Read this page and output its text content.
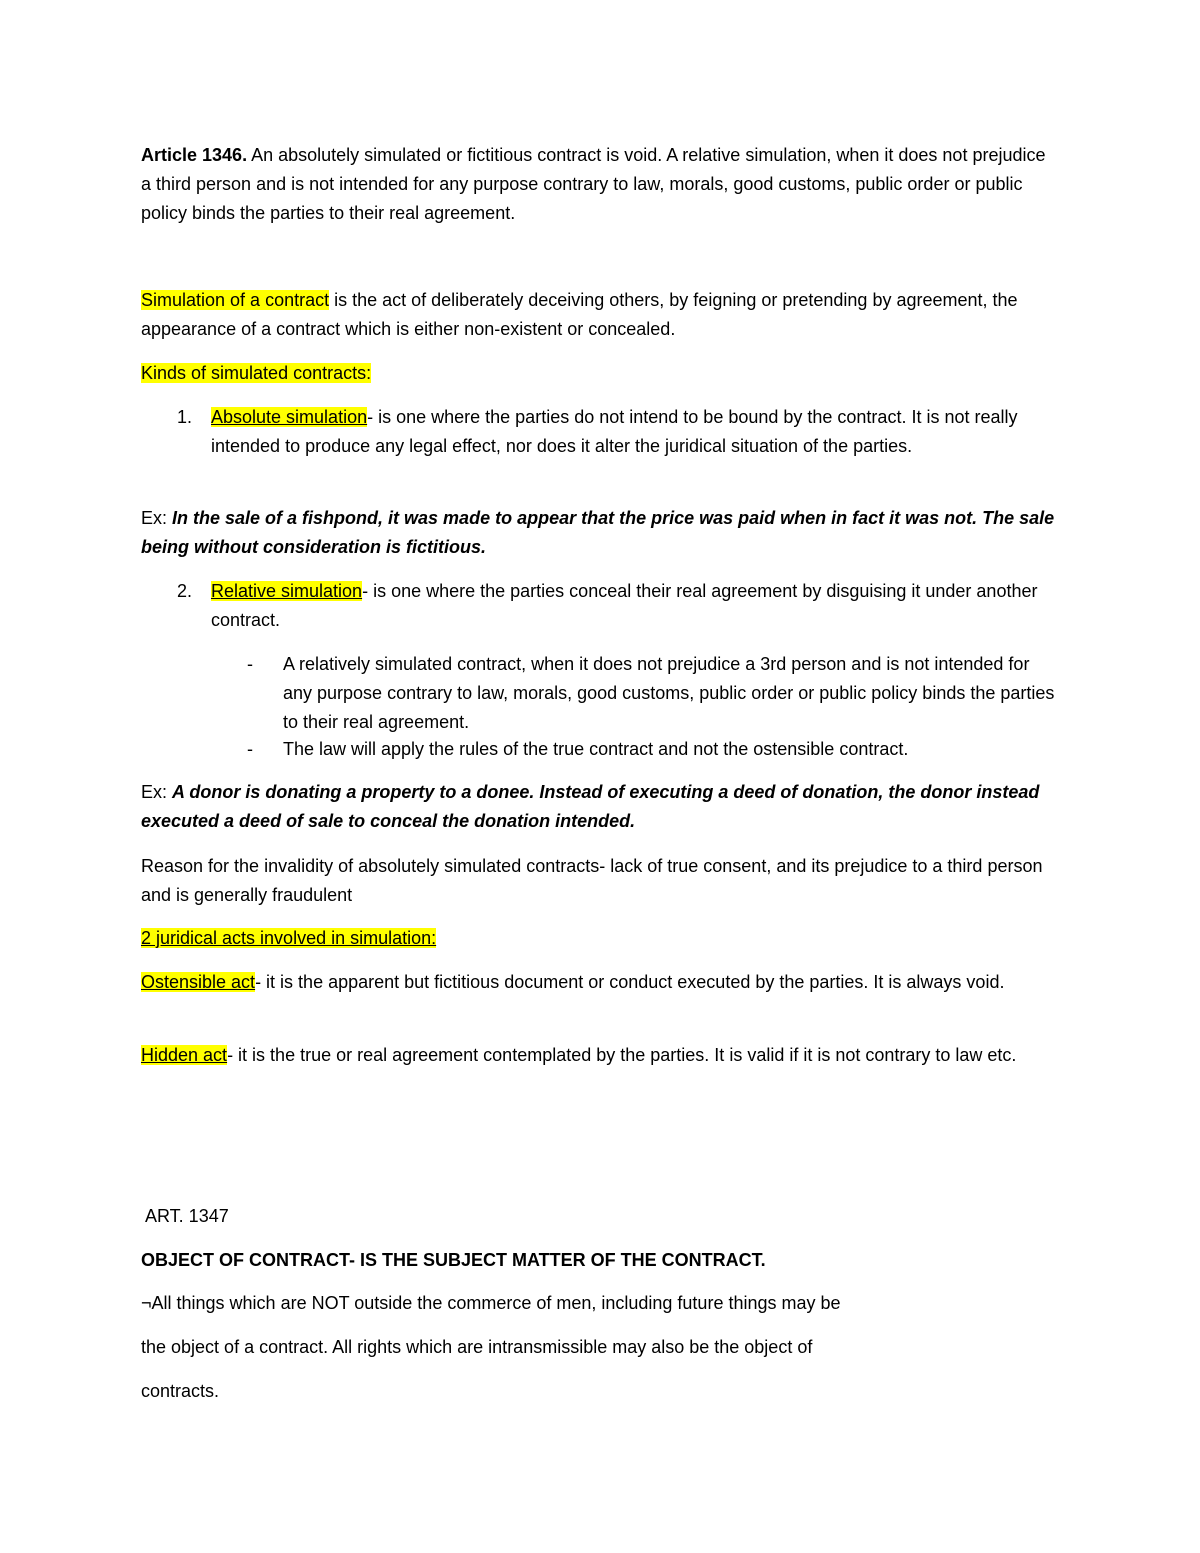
Article 1346. An absolutely simulated or fictitious contract is void. A relative simulation, when it does not prejudice a third person and is not intended for any purpose contrary to law, morals, good customs, public order or public policy binds the parties to their real agreement.

Simulation of a contract is the act of deliberately deceiving others, by feigning or pretending by agreement, the appearance of a contract which is either non-existent or concealed.

Kinds of simulated contracts:

1. Absolute simulation- is one where the parties do not intend to be bound by the contract. It is not really intended to produce any legal effect, nor does it alter the juridical situation of the parties.

Ex: In the sale of a fishpond, it was made to appear that the price was paid when in fact it was not. The sale being without consideration is fictitious.

2. Relative simulation- is one where the parties conceal their real agreement by disguising it under another contract.

- A relatively simulated contract, when it does not prejudice a 3rd person and is not intended for any purpose contrary to law, morals, good customs, public order or public policy binds the parties to their real agreement.

- The law will apply the rules of the true contract and not the ostensible contract.

Ex: A donor is donating a property to a donee. Instead of executing a deed of donation, the donor instead executed a deed of sale to conceal the donation intended.

Reason for the invalidity of absolutely simulated contracts- lack of true consent, and its prejudice to a third person and is generally fraudulent

2 juridical acts involved in simulation:

Ostensible act- it is the apparent but fictitious document or conduct executed by the parties. It is always void.

Hidden act- it is the true or real agreement contemplated by the parties. It is valid if it is not contrary to law etc.

ART. 1347

OBJECT OF CONTRACT- IS THE SUBJECT MATTER OF THE CONTRACT.

¬All things which are NOT outside the commerce of men, including future things may be

the object of a contract. All rights which are intransmissible may also be the object of

contracts.
